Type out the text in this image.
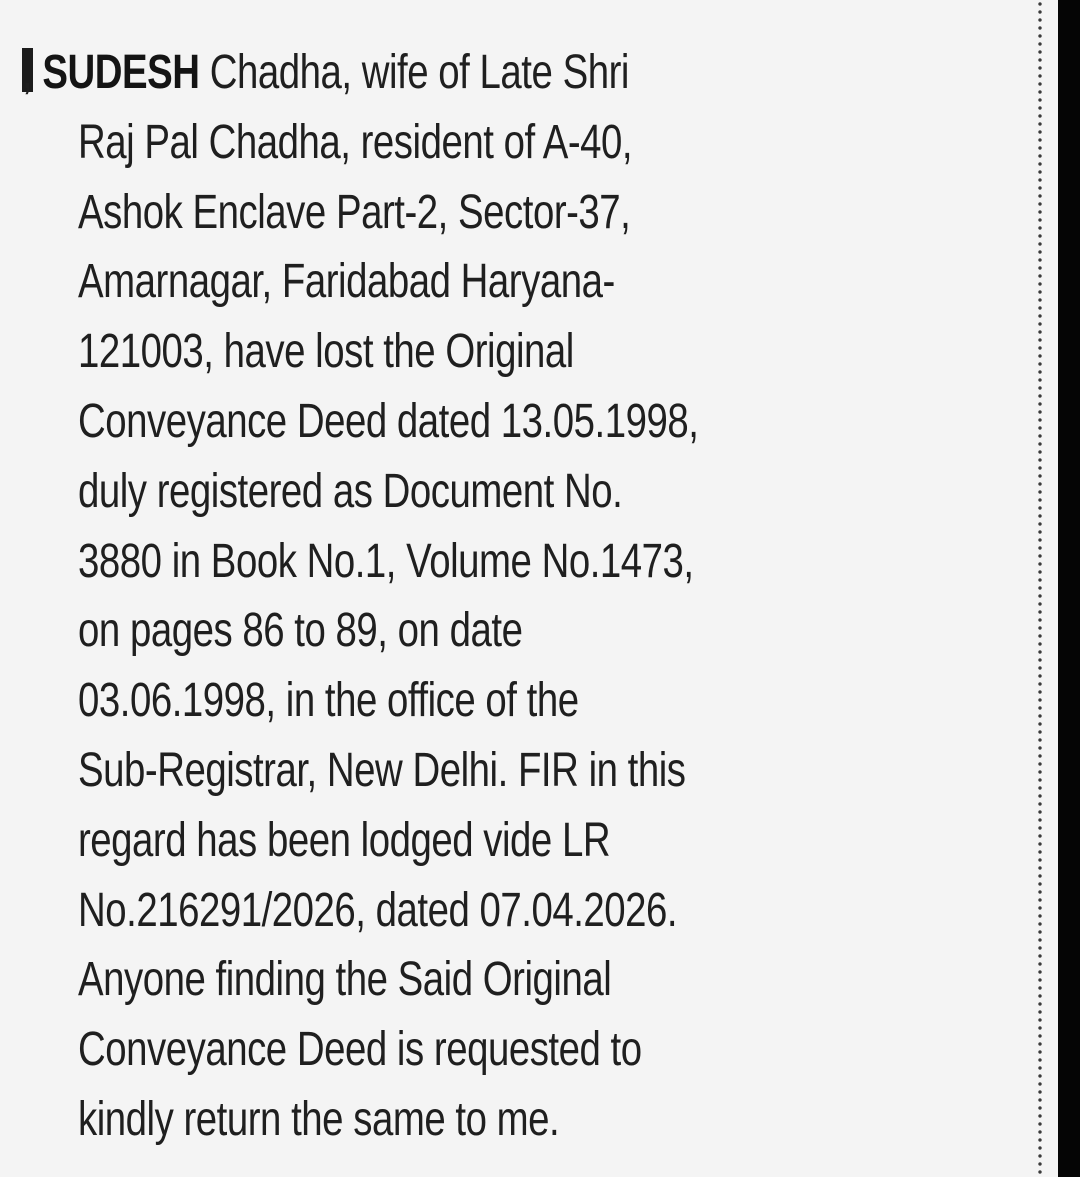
, SUDESH Chadha, wife of Late Shri
Raj Pal Chadha, resident of A-40,
Ashok Enclave Part-2, Sector-37,
Amarnagar, Faridabad Haryana-
121003, have lost the Original
Conveyance Deed dated 13.05.1998,
duly registered as Document No.
3880 in Book No.1, Volume No.1473,
on pages 86 to 89, on date
03.06.1998, in the office of the
Sub-Registrar, New Delhi. FIR in this
regard has been lodged vide LR
No.216291/2026, dated 07.04.2026.
Anyone finding the Said Original
Conveyance Deed is requested to
kindly return the same to me.
